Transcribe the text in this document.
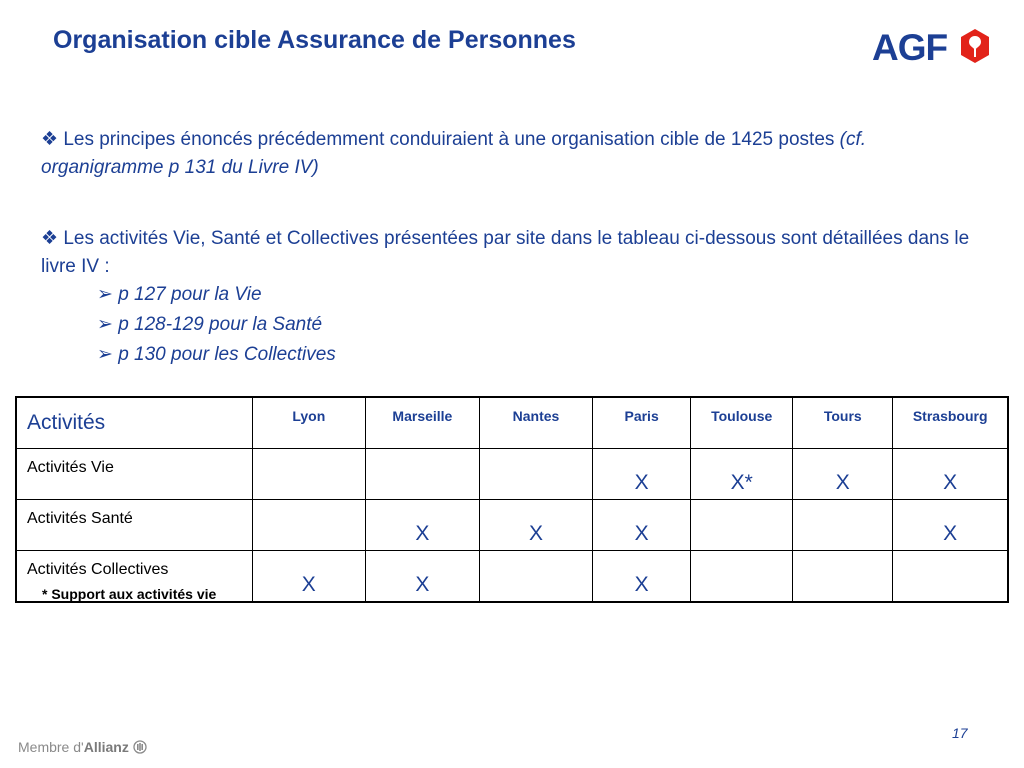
Organisation cible Assurance de Personnes	AGF
❖ Les principes énoncés précédemment conduiraient à une organisation cible de 1425 postes (cf. organigramme p 131 du Livre IV)
❖ Les activités Vie, Santé et Collectives présentées par site dans le tableau ci-dessous sont détaillées dans le livre IV :
➢ p 127 pour la Vie
➢ p 128-129 pour la Santé
➢ p 130 pour les Collectives
Activités	Lyon	Marseille	Nantes	Paris	Toulouse	Tours	Strasbourg
Activités Vie				X	X*	X	X
Activités Santé		X	X	X			X
Activités Collectives	X	X		X			
* Support aux activités vie
17
Membre d'Allianz
